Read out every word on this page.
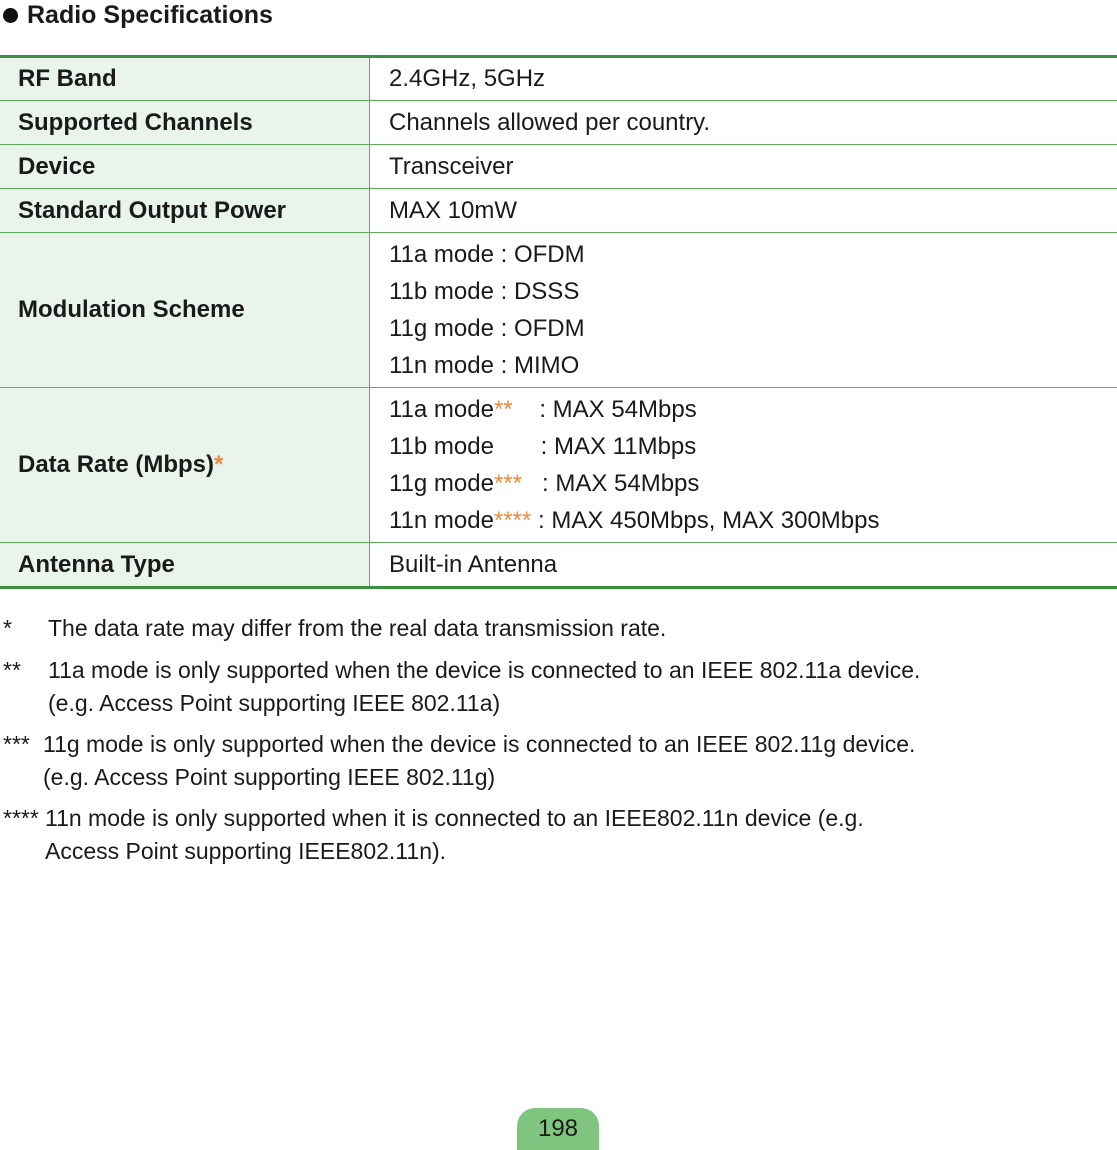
Radio Specifications
RF Band	2.4GHz, 5GHz
Supported Channels	Channels allowed per country.
Device	Transceiver
Standard Output Power	MAX 10mW
Modulation Scheme	11a mode : OFDM
11b mode : DSSS
11g mode : OFDM
11n mode : MIMO

Data Rate (Mbps)*	11a mode**    : MAX 54Mbps
11b mode       : MAX 11Mbps
11g mode***   : MAX 54Mbps
11n mode**** : MAX 450Mbps, MAX 300Mbps

Antenna Type	Built-in Antenna
*	The data rate may differ from the real data transmission rate.
**	11a mode is only supported when the device is connected to an IEEE 802.11a device.
(e.g. Access Point supporting IEEE 802.11a)
*** 11g mode is only supported when the device is connected to an IEEE 802.11g device.
(e.g. Access Point supporting IEEE 802.11g)
**** 11n mode is only supported when it is connected to an IEEE802.11n device (e.g.
Access Point supporting IEEE802.11n).
198
